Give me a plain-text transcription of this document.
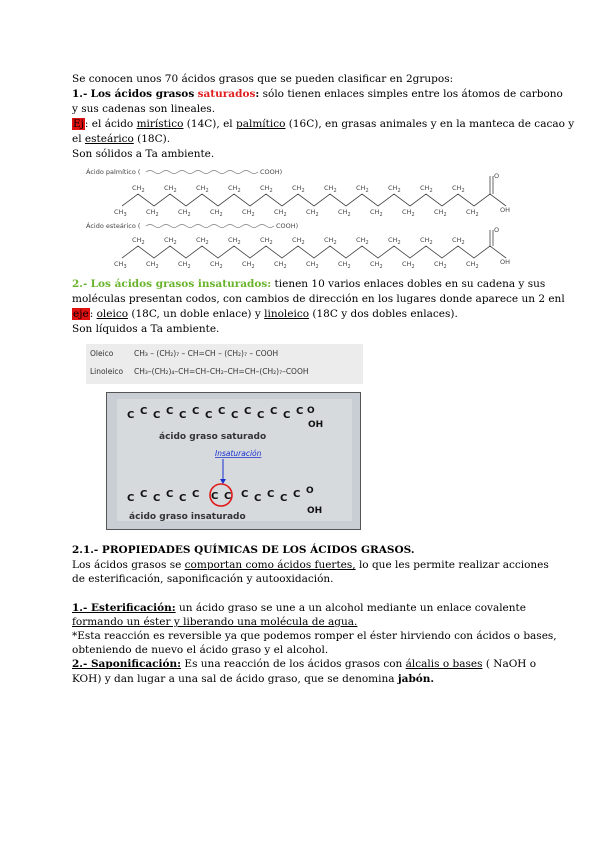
Se conocen unos 70 ácidos grasos que se pueden clasificar en 2grupos:
1.- Los ácidos grasos saturados: sólo tienen enlaces simples entre los átomos de carbono
y sus cadenas son lineales.
Ej: el ácido mirístico (14C), el palmítico (16C), en grasas animales y en la manteca de cacao y
el esteárico (18C).
Son sólidos a Ta ambiente.
Ácido palmítico (	COOH)	O
OH
$CH_3$
$CH_2$	$CH_2$	$CH_2$	$CH_2$	$CH_2$	$CH_2$	$CH_2$	$CH_2$	$CH_2$	$CH_2$	$CH_2$
$CH_2$	$CH_2$	$CH_2$	$CH_2$	$CH_2$	$CH_2$	$CH_2$	$CH_2$	$CH_2$	$CH_2$	$CH_2$
Ácido esteárico (	COOH)	O
OH
$CH_3$
$CH_2$	$CH_2$	$CH_2$	$CH_2$	$CH_2$	$CH_2$	$CH_2$	$CH_2$	$CH_2$	$CH_2$	$CH_2$
$CH_2$	$CH_2$	$CH_2$	$CH_2$	$CH_2$	$CH_2$	$CH_2$	$CH_2$	$CH_2$	$CH_2$	$CH_2$
2.- Los ácidos grasos insaturados: tienen 10 varios enlaces dobles en su cadena y sus
moléculas presentan codos, con cambios de dirección en los lugares donde aparece un 2 enl
eje: oleico (18C, un doble enlace) y linoleico (18C y dos dobles enlaces).
Son líquidos a Ta ambiente.
Oleico	CH₃ – (CH₂)₇ – CH=CH – (CH₂)₇ – COOH
Linoleico CH₃–(CH₂)₄–CH=CH–CH₂–CH=CH–(CH₂)₇–COOH
C C C C C C C C C C C C C C O
OH
ácido graso saturado
Insaturación
C C C C C C C C C C C C C O
OH
ácido graso insaturado
2.1.- PROPIEDADES QUÍMICAS DE LOS ÁCIDOS GRASOS.
Los ácidos grasos se comportan como ácidos fuertes, lo que les permite realizar acciones
de esterificación, saponificación y autooxidación.
1.- Esterificación: un ácido graso se une a un alcohol mediante un enlace covalente
formando un éster y liberando una molécula de agua.
*Esta reacción es reversible ya que podemos romper el éster hirviendo con ácidos o bases,
obteniendo de nuevo el ácido graso y el alcohol.
2.- Saponificación: Es una reacción de los ácidos grasos con álcalis o bases ( NaOH o
KOH) y dan lugar a una sal de ácido graso, que se denomina jabón.
